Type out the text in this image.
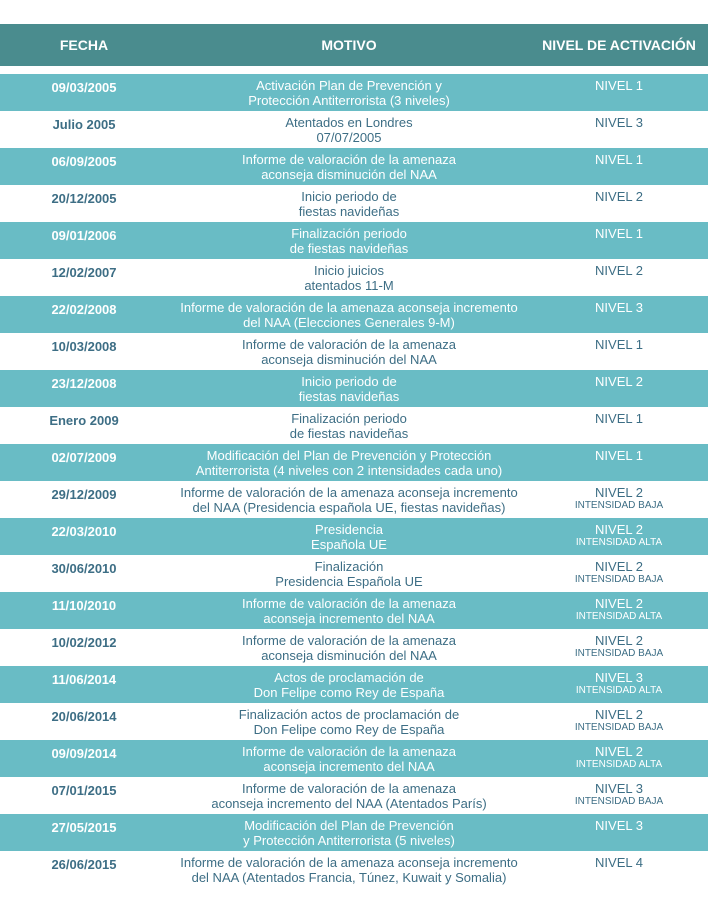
FECHA	MOTIVO	NIVEL DE ACTIVACIÓN
09/03/2005	Activación Plan de Prevención y
Protección Antiterrorista (3 niveles)
NIVEL 1
Julio 2005	Atentados en Londres
07/07/2005
NIVEL 3
06/09/2005	Informe de valoración de la amenaza
aconseja disminución del NAA
NIVEL 1
20/12/2005	Inicio periodo de
fiestas navideñas
NIVEL 2
09/01/2006	Finalización periodo
de fiestas navideñas
NIVEL 1
12/02/2007	Inicio juicios
atentados 11-M
NIVEL 2
22/02/2008	Informe de valoración de la amenaza aconseja incremento
del NAA (Elecciones Generales 9-M)
NIVEL 3
10/03/2008	Informe de valoración de la amenaza
aconseja disminución del NAA
NIVEL 1
23/12/2008	Inicio periodo de
fiestas navideñas
NIVEL 2
Enero 2009	Finalización periodo
de fiestas navideñas
NIVEL 1
02/07/2009	Modificación del Plan de Prevención y Protección
Antiterrorista (4 niveles con 2 intensidades cada uno)
NIVEL 1
29/12/2009	Informe de valoración de la amenaza aconseja incremento
del NAA (Presidencia española UE, fiestas navideñas)
NIVEL 2
INTENSIDAD BAJA
22/03/2010	Presidencia
Española UE
NIVEL 2
INTENSIDAD ALTA
30/06/2010	Finalización
Presidencia Española UE
NIVEL 2
INTENSIDAD BAJA
11/10/2010	Informe de valoración de la amenaza
aconseja incremento del NAA
NIVEL 2
INTENSIDAD ALTA
10/02/2012	Informe de valoración de la amenaza
aconseja disminución del NAA
NIVEL 2
INTENSIDAD BAJA
11/06/2014	Actos de proclamación de
Don Felipe como Rey de España
NIVEL 3
INTENSIDAD ALTA
20/06/2014	Finalización actos de proclamación de
Don Felipe como Rey de España
NIVEL 2
INTENSIDAD BAJA
09/09/2014	Informe de valoración de la amenaza
aconseja incremento del NAA
NIVEL 2
INTENSIDAD ALTA
07/01/2015	Informe de valoración de la amenaza
aconseja incremento del NAA (Atentados París)
NIVEL 3
INTENSIDAD BAJA
27/05/2015	Modificación del Plan de Prevención
y Protección Antiterrorista (5 niveles)
NIVEL 3
26/06/2015	Informe de valoración de la amenaza aconseja incremento
del NAA (Atentados Francia, Túnez, Kuwait y Somalia)
NIVEL 4
